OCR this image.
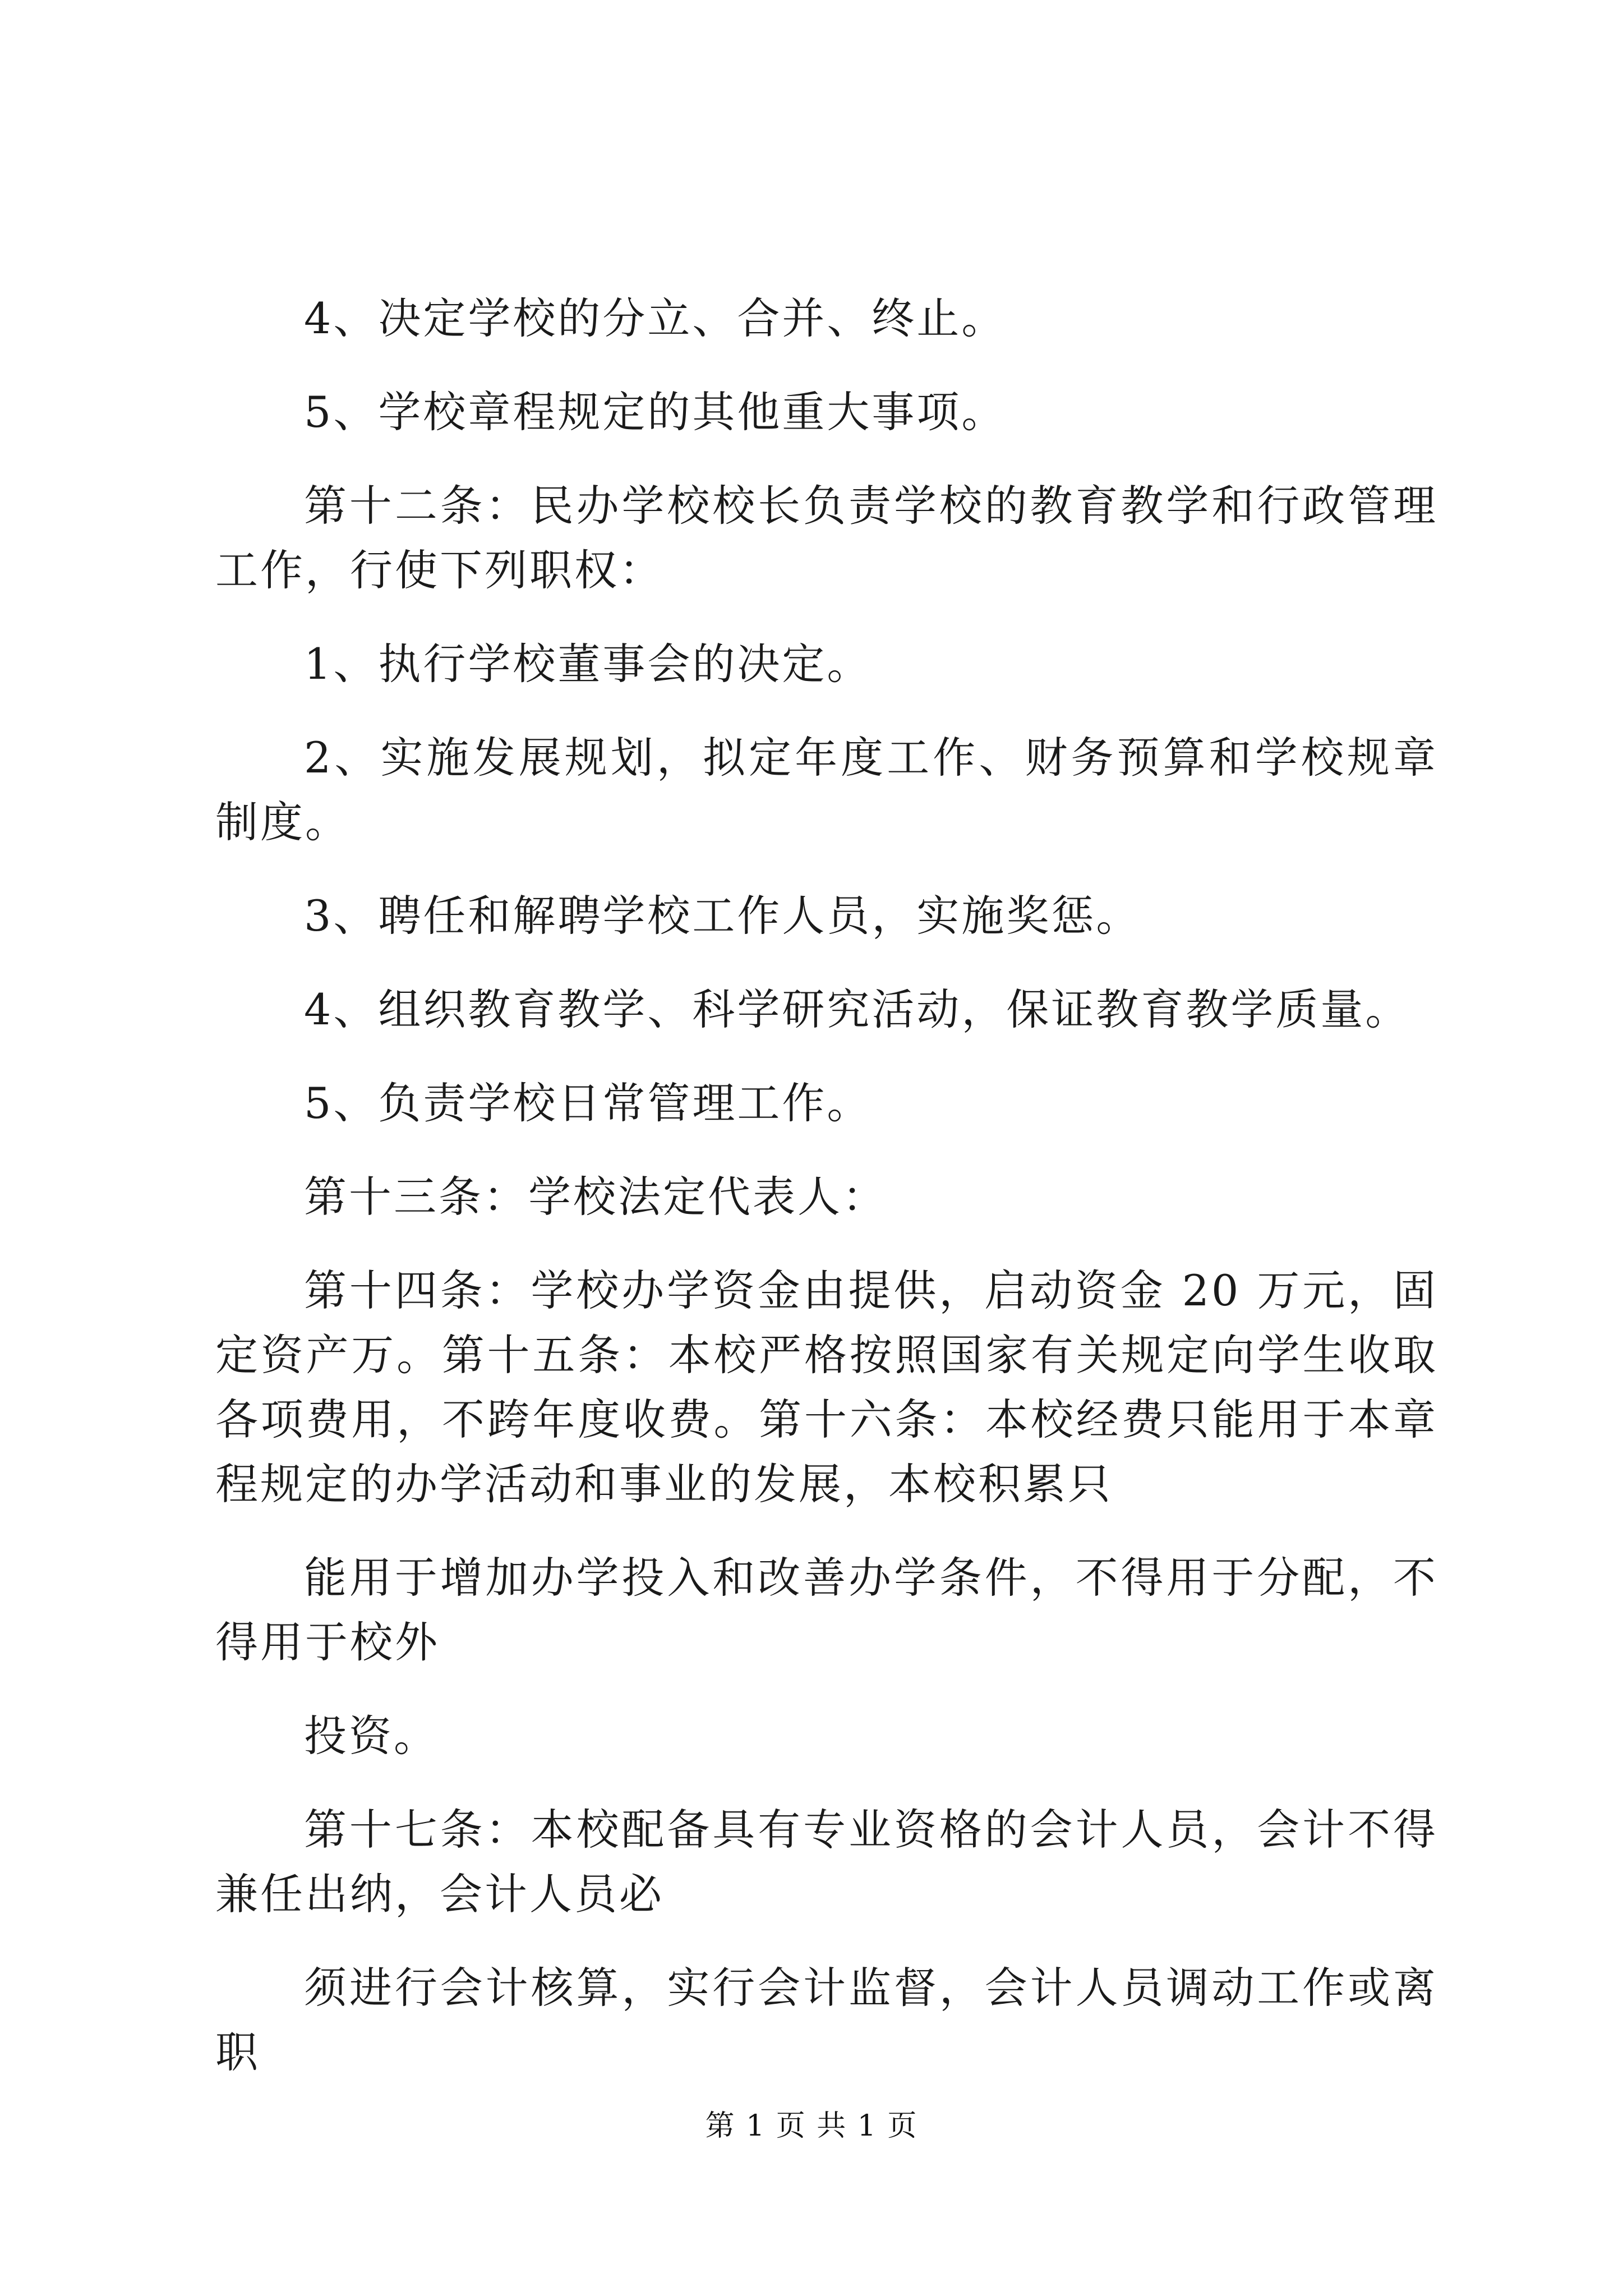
4、决定学校的分立、合并、终止。

5、学校章程规定的其他重大事项。

第十二条：民办学校校长负责学校的教育教学和行政管理工作，行使下列职权：

1、执行学校董事会的决定。

2、实施发展规划，拟定年度工作、财务预算和学校规章制度。

3、聘任和解聘学校工作人员，实施奖惩。

4、组织教育教学、科学研究活动，保证教育教学质量。

5、负责学校日常管理工作。

第十三条：学校法定代表人：

第十四条：学校办学资金由提供，启动资金 20 万元，固定资产万。第十五条：本校严格按照国家有关规定向学生收取各项费用，不跨年度收费。第十六条：本校经费只能用于本章程规定的办学活动和事业的发展，本校积累只

能用于增加办学投入和改善办学条件，不得用于分配，不得用于校外

投资。

第十七条：本校配备具有专业资格的会计人员，会计不得兼任出纳，会计人员必

须进行会计核算，实行会计监督，会计人员调动工作或离职

第 1 页 共 1 页
